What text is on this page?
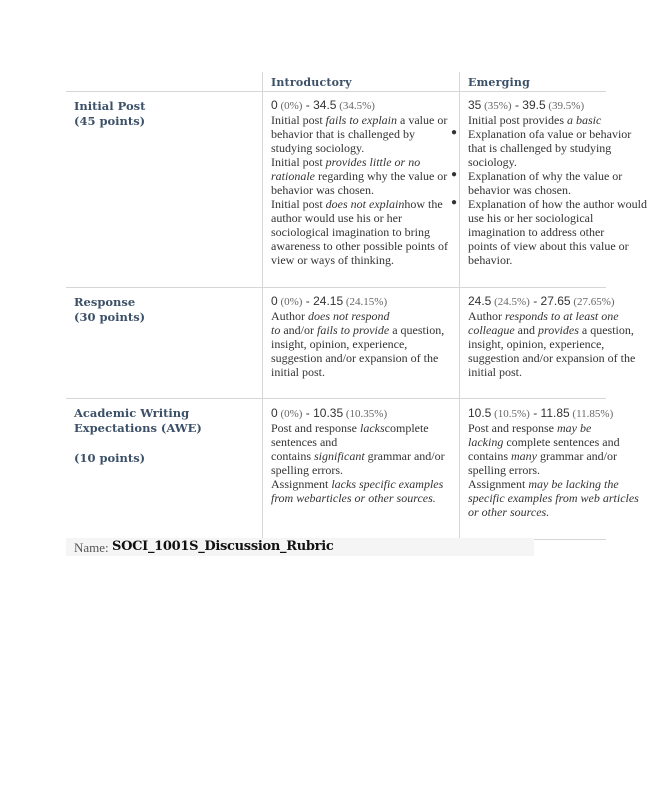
Introductory	Emerging
Initial Post
(45 points)
Response
(30 points)
Academic Writing
Expectations (AWE)
(10 points)
●
●
●

0 (0%) - 34.5 (34.5%)

Initial post fails to explain a value or

behavior that is challenged by

studying sociology.

Initial post provides little or no

rationale regarding why the value or

behavior was chosen.

Initial post does not explainhow the

author would use his or her

sociological imagination to bring

awareness to other possible points of

view or ways of thinking.

35 (35%) - 39.5 (39.5%)

Initial post provides a basic

Explanation ofa value or behavior

that is challenged by studying

sociology.

Explanation of why the value or

behavior was chosen.

Explanation of how the author would

use his or her sociological

imagination to address other

points of view about this value or

behavior.

0 (0%) - 24.15 (24.15%)

Author does not respond

to and/or fails to provide a question,

insight, opinion, experience,

suggestion and/or expansion of the

initial post.

24.5 (24.5%) - 27.65 (27.65%)

Author responds to at least one

colleague and provides a question,

insight, opinion, experience,

suggestion and/or expansion of the

initial post.

0 (0%) - 10.35 (10.35%)

Post and response lackscomplete

sentences and

contains significant grammar and/or

spelling errors.

Assignment lacks specific examples

from webarticles or other sources.

10.5 (10.5%) - 11.85 (11.85%)

Post and response may be

lacking complete sentences and

contains many grammar and/or

spelling errors.

Assignment may be lacking the

specific examples from web articles

or other sources.

Name: SOCI_1001S_Discussion_Rubric
